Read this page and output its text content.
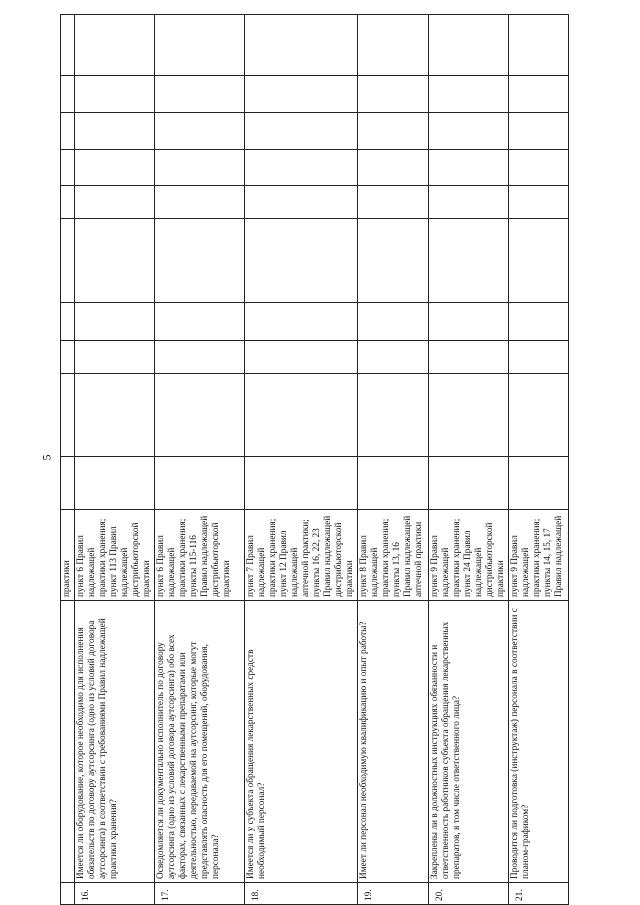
5
		практики										
16.	Имеется ли оборудование, которое необходимо для исполнения обязательств по договору аутсорсинга (одно из условий договора аутсорсинга) в соответствии с требованиями Правил надлежащей практики хранения?	пункт 6 Правил надлежащей практики хранения; пункт 113 Правил надлежащей дистрибьюторской практики										
17.	Осведомляется ли документально исполнитель по договору аутсорсинга (одно из условий договора аутсорсинга) обо всех факторах, связанных с лекарственными препаратами или деятельностью, передаваемой на аутсорсинг, которые могут представлять опасность для его помещений, оборудования, персонала?	пункт 6 Правил надлежащей практики хранения; пункты 115-116 Правил надлежащей дистрибьюторской практики										
18.	Имеется ли у субъекта обращения лекарственных средств необходимый персонал?	пункт 7 Правил надлежащей практики хранения; пункт 12 Правил надлежащей аптечной практики; пункты 16, 22, 23 Правил надлежащей дистрибьюторской практики										
19.	Имеет ли персонал необходимую квалификацию и опыт работы?	пункт 8 Правил надлежащей практики хранения; пункты 13, 16 Правил надлежащей аптечной практики										
20.	Закреплены ли в должностных инструкциях обязанности и ответственность работников субъекта обращения лекарственных препаратов, в том числе ответственного лица?	пункт 9 Правил надлежащей практики хранения; пункт 24 Правил надлежащей дистрибьюторской практики										
21.	Проводится ли подготовка (инструктаж) персонала в соответствии с планом-графиком?	пункт 9 Правил надлежащей практики хранения; пункты 14, 15, 17 Правил надлежащей										
